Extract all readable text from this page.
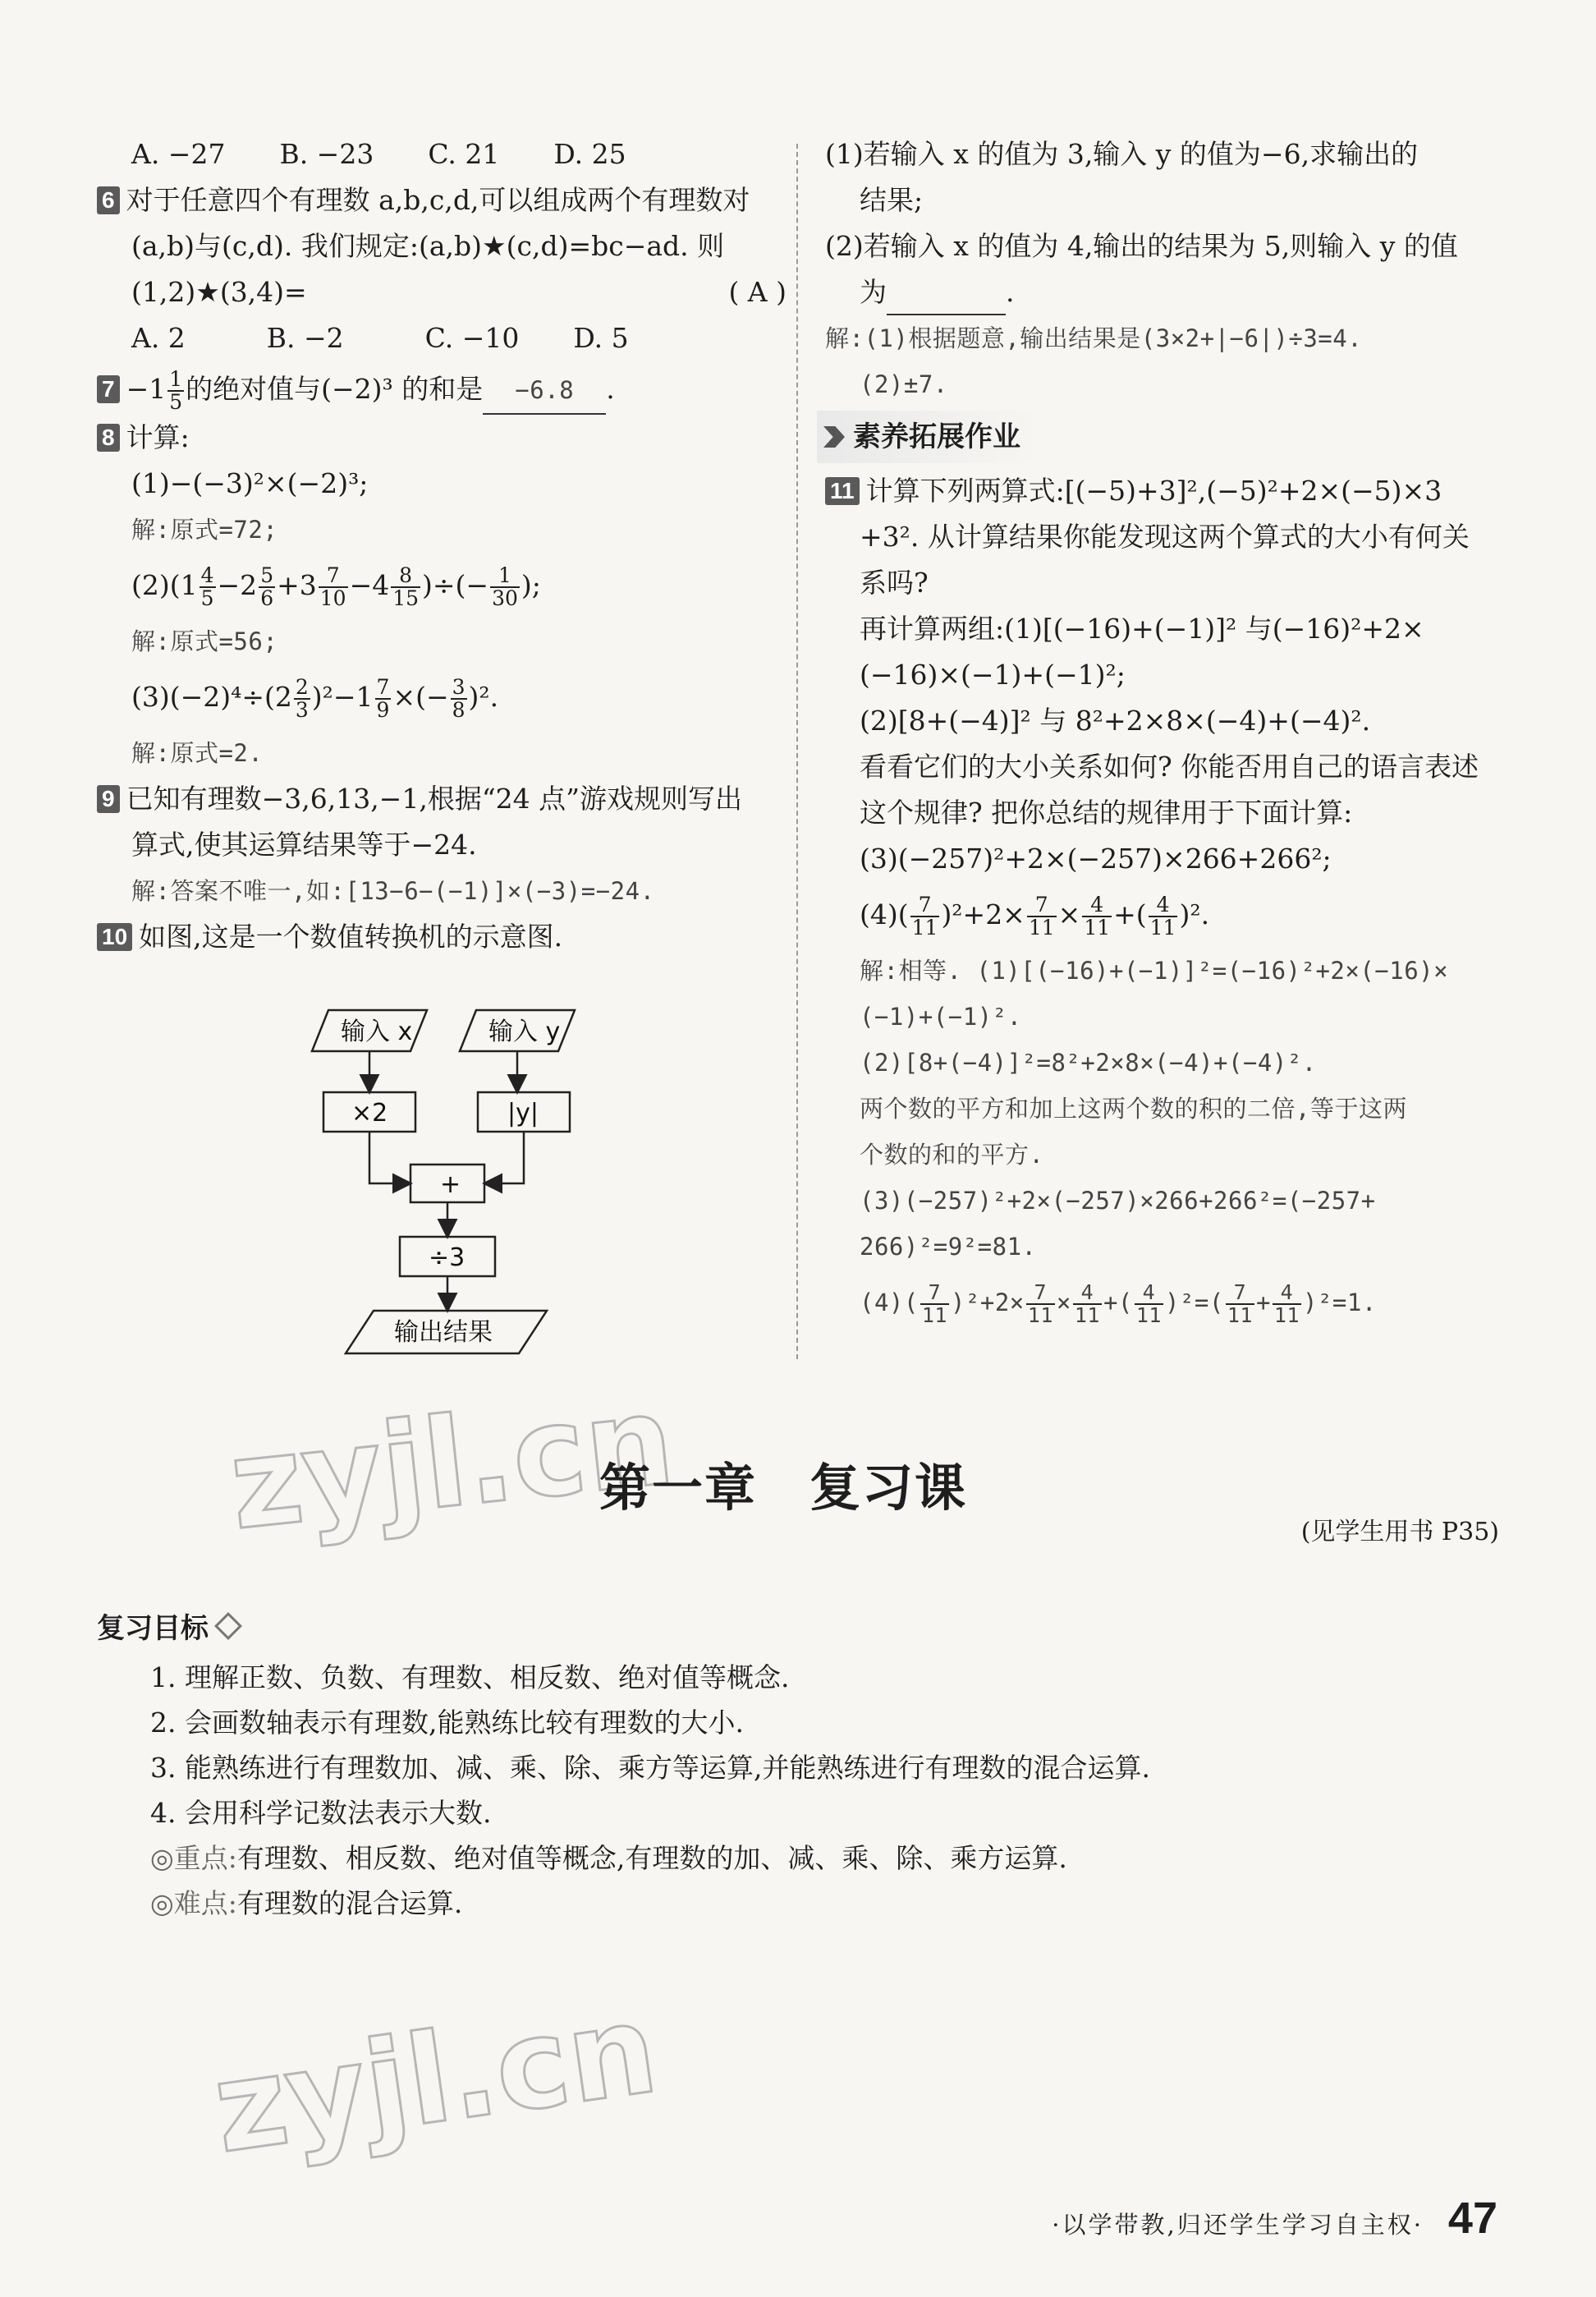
A. −27　　B. −23　　C. 21　　D. 25
6 对于任意四个有理数 a,b,c,d,可以组成两个有理数对
(a,b)与(c,d). 我们规定:(a,b)★(c,d)=bc−ad. 则
(1,2)★(3,4)=	( A )
A. 2　　　B. −2　　　C. −10　　D. 5
$7 -1 \frac{1}{5}$ 的绝对值与(−2)³ 的和是 −6.8 .
8 计算:
(1)−(−3)²×(−2)³;
解:原式=72;
$(2)(1 \frac{4}{5} -2 \frac{5}{6} +3 \frac{7}{10} -4 \frac{8}{15}$ )÷(− $\frac{1}{30}$ );
解:原式=56;
$(3)(-2)^4\div(2 \frac{2}{3} )^2-1 \frac{7}{9}$ ×(− $\frac{3}{8} )^2$.
解:原式=2.
9 已知有理数−3,6,13,−1,根据“24 点”游戏规则写出
算式,使其运算结果等于−24.
解:答案不唯一,如:[13−6−(−1)]×(−3)=−24.
10 如图,这是一个数值转换机的示意图.
输入 x	输入 y
×2	|y|
+
÷3
输出结果
(1)若输入 x 的值为 3,输入 y 的值为−6,求输出的
结果;
(2)若输入 x 的值为 4,输出的结果为 5,则输入 y 的值
为	.
解:(1)根据题意,输出结果是(3×2+|−6|)÷3=4.
(2)±7.
素养拓展作业
11 计算下列两算式:[(−5)+3]²,(−5)²+2×(−5)×3
+3². 从计算结果你能发现这两个算式的大小有何关
系吗?
再计算两组:(1)[(−16)+(−1)]² 与(−16)²+2×
(−16)×(−1)+(−1)²;
(2)[8+(−4)]² 与 8²+2×8×(−4)+(−4)².
看看它们的大小关系如何? 你能否用自己的语言表述
这个规律? 把你总结的规律用于下面计算:
(3)(−257)²+2×(−257)×266+266²;
$(4)( \frac{7}{11} )^2+2\times \frac{7}{11} \times \frac{4}{11}$ +( $\frac{4}{11} )^2$.
解:相等. (1)[(−16)+(−1)]²=(−16)²+2×(−16)×
(−1)+(−1)².
(2)[8+(−4)]²=8²+2×8×(−4)+(−4)².
两个数的平方和加上这两个数的积的二倍,等于这两
个数的和的平方.
(3)(−257)²+2×(−257)×266+266²=(−257+
266)²=9²=81.
$(4)( \frac{7}{11} )^2+2\times \frac{7}{11} \times \frac{4}{11}$ +( $\frac{4}{11} )^2=( \frac{7}{11} + \frac{4}{11} )^2=1$.
zyjl.cn
第一章　复习课
(见学生用书 P35)
复习目标
1. 理解正数、负数、有理数、相反数、绝对值等概念.
2. 会画数轴表示有理数,能熟练比较有理数的大小.
3. 能熟练进行有理数加、减、乘、除、乘方等运算,并能熟练进行有理数的混合运算.
4. 会用科学记数法表示大数.
◎重点:有理数、相反数、绝对值等概念,有理数的加、减、乘、除、乘方运算.
◎难点:有理数的混合运算.
zyjl.cn
·以学带教,归还学生学习自主权· 47
